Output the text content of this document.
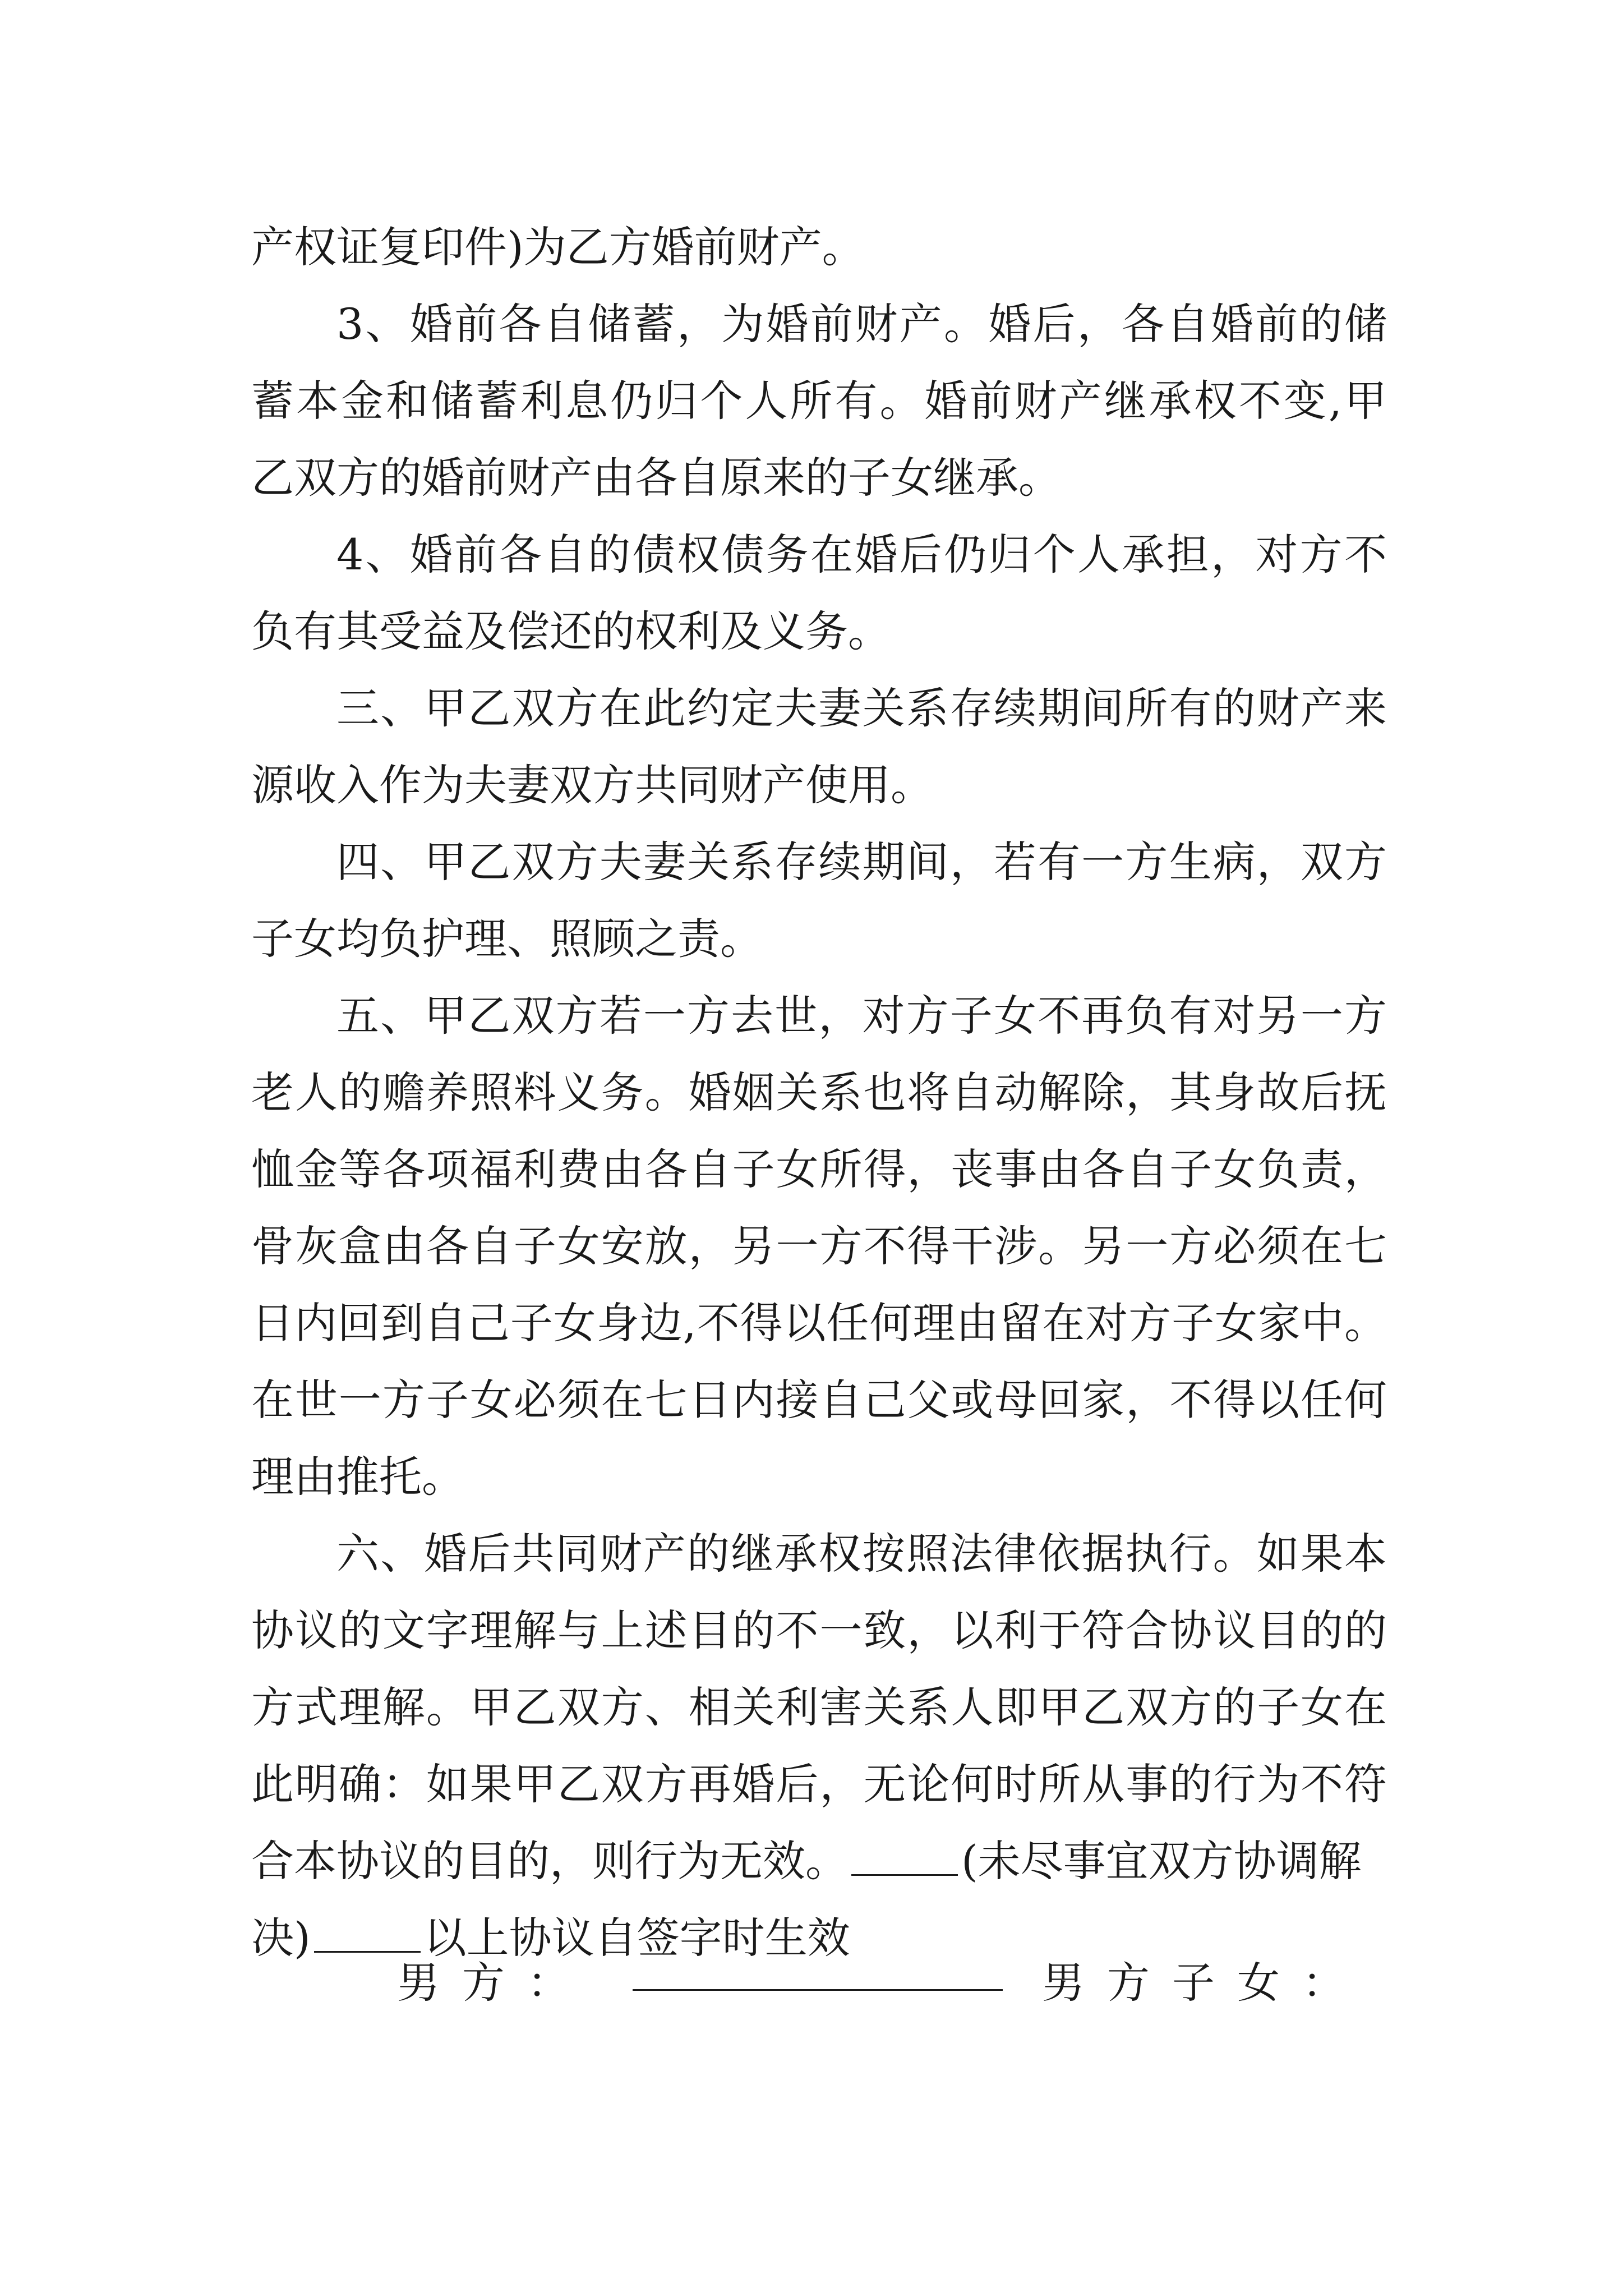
产权证复印件)为乙方婚前财产。
3、婚前各自储蓄，为婚前财产。婚后，各自婚前的储
蓄本金和储蓄利息仍归个人所有。婚前财产继承权不变,甲
乙双方的婚前财产由各自原来的子女继承。
4、婚前各自的债权债务在婚后仍归个人承担，对方不
负有其受益及偿还的权利及义务。
三、甲乙双方在此约定夫妻关系存续期间所有的财产来
源收入作为夫妻双方共同财产使用。
四、甲乙双方夫妻关系存续期间，若有一方生病，双方
子女均负护理、照顾之责。
五、甲乙双方若一方去世，对方子女不再负有对另一方
老人的赡养照料义务。婚姻关系也将自动解除，其身故后抚
恤金等各项福利费由各自子女所得，丧事由各自子女负责，
骨灰盒由各自子女安放，另一方不得干涉。另一方必须在七
日内回到自己子女身边,不得以任何理由留在对方子女家中。
在世一方子女必须在七日内接自己父或母回家，不得以任何
理由推托。
六、婚后共同财产的继承权按照法律依据执行。如果本
协议的文字理解与上述目的不一致，以利于符合协议目的的
方式理解。甲乙双方、相关利害关系人即甲乙双方的子女在
此明确：如果甲乙双方再婚后，无论何时所从事的行为不符
合本协议的目的，则行为无效。	(未尽事宜双方协调解
决)	以上协议自签字时生效
男方：	男方子女：
